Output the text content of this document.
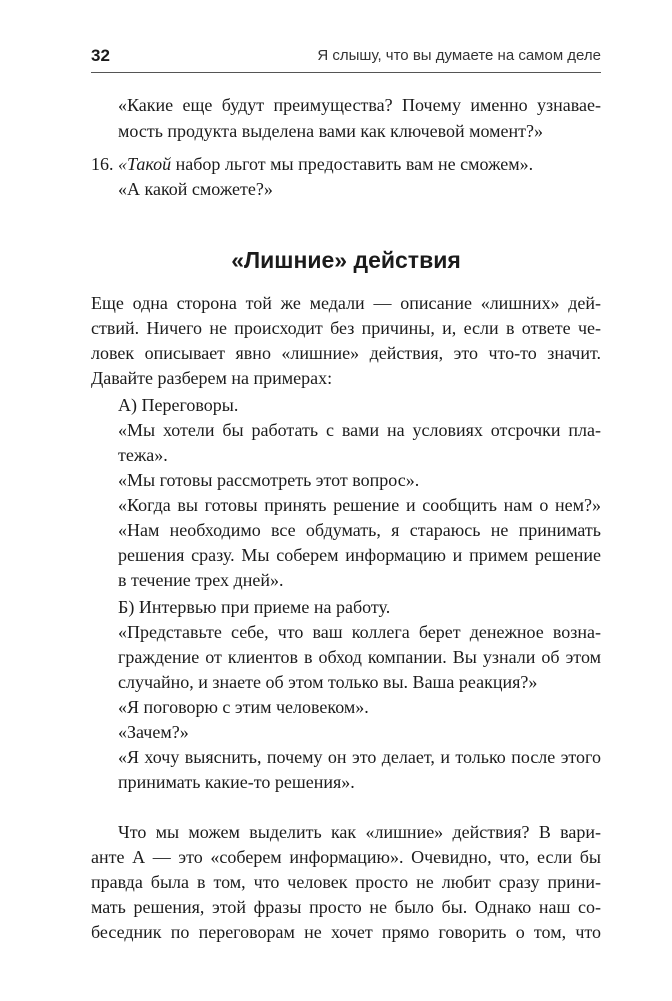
32	Я слышу, что вы думаете на самом деле
«Какие еще будут преимущества? Почему именно узнавае-
мость продукта выделена вами как ключевой момент?»
16. «Такой набор льгот мы предоставить вам не сможем».
«А какой сможете?»
«Лишние» действия
Еще одна сторона той же медали — описание «лишних» дей-
ствий. Ничего не происходит без причины, и, если в ответе че-
ловек описывает явно «лишние» действия, это что-то значит.
Давайте разберем на примерах:
А) Переговоры.
«Мы хотели бы работать с вами на условиях отсрочки пла-
тежа».
«Мы готовы рассмотреть этот вопрос».
«Когда вы готовы принять решение и сообщить нам о нем?»
«Нам необходимо все обдумать, я стараюсь не принимать
решения сразу. Мы соберем информацию и примем решение
в течение трех дней».
Б) Интервью при приеме на работу.
«Представьте себе, что ваш коллега берет денежное возна-
граждение от клиентов в обход компании. Вы узнали об этом
случайно, и знаете об этом только вы. Ваша реакция?»
«Я поговорю с этим человеком».
«Зачем?»
«Я хочу выяснить, почему он это делает, и только после этого
принимать какие-то решения».
Что мы можем выделить как «лишние» действия? В вари-
анте А — это «соберем информацию». Очевидно, что, если бы
правда была в том, что человек просто не любит сразу прини-
мать решения, этой фразы просто не было бы. Однако наш со-
беседник по переговорам не хочет прямо говорить о том, что
